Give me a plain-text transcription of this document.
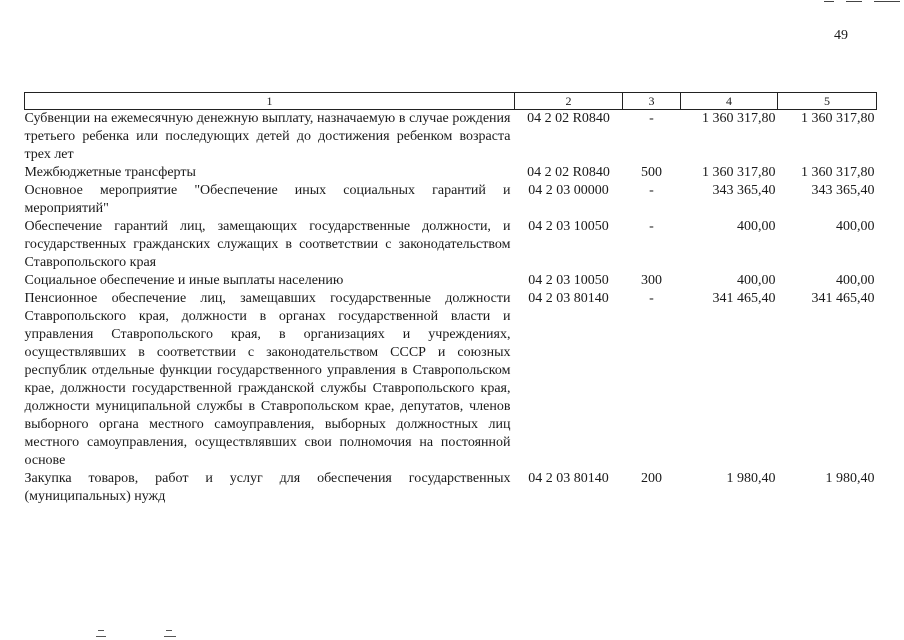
49
1	2	3	4	5
Субвенции на ежемесячную денежную выплату, назначаемую в случае рождения третьего ребенка или последующих детей до достижения ребенком возраста трех лет	04 2 02 R0840	-	1 360 317,80	1 360 317,80
Межбюджетные трансферты	04 2 02 R0840	500	1 360 317,80	1 360 317,80
Основное мероприятие "Обеспечение иных социальных гарантий и мероприятий"	04 2 03 00000	-	343 365,40	343 365,40
Обеспечение гарантий лиц, замещающих государственные должности, и государственных гражданских служащих в соответствии с законодательством Ставропольского края	04 2 03 10050	-	400,00	400,00
Социальное обеспечение и иные выплаты населению	04 2 03 10050	300	400,00	400,00
Пенсионное обеспечение лиц, замещавших государственные должности Ставропольского края, должности в органах государственной власти и управления Ставропольского края, в организациях и учреждениях, осуществлявших в соответствии с законодательством СССР и союзных республик отдельные функции государственного управления в Ставропольском крае, должности государственной гражданской службы Ставропольского края, должности муниципальной службы в Ставропольском крае, депутатов, членов выборного органа местного самоуправления, выборных должностных лиц местного самоуправления, осуществлявших свои полномочия на постоянной основе	04 2 03 80140	-	341 465,40	341 465,40
Закупка товаров, работ и услуг для обеспечения государственных (муниципальных) нужд	04 2 03 80140	200	1 980,40	1 980,40
